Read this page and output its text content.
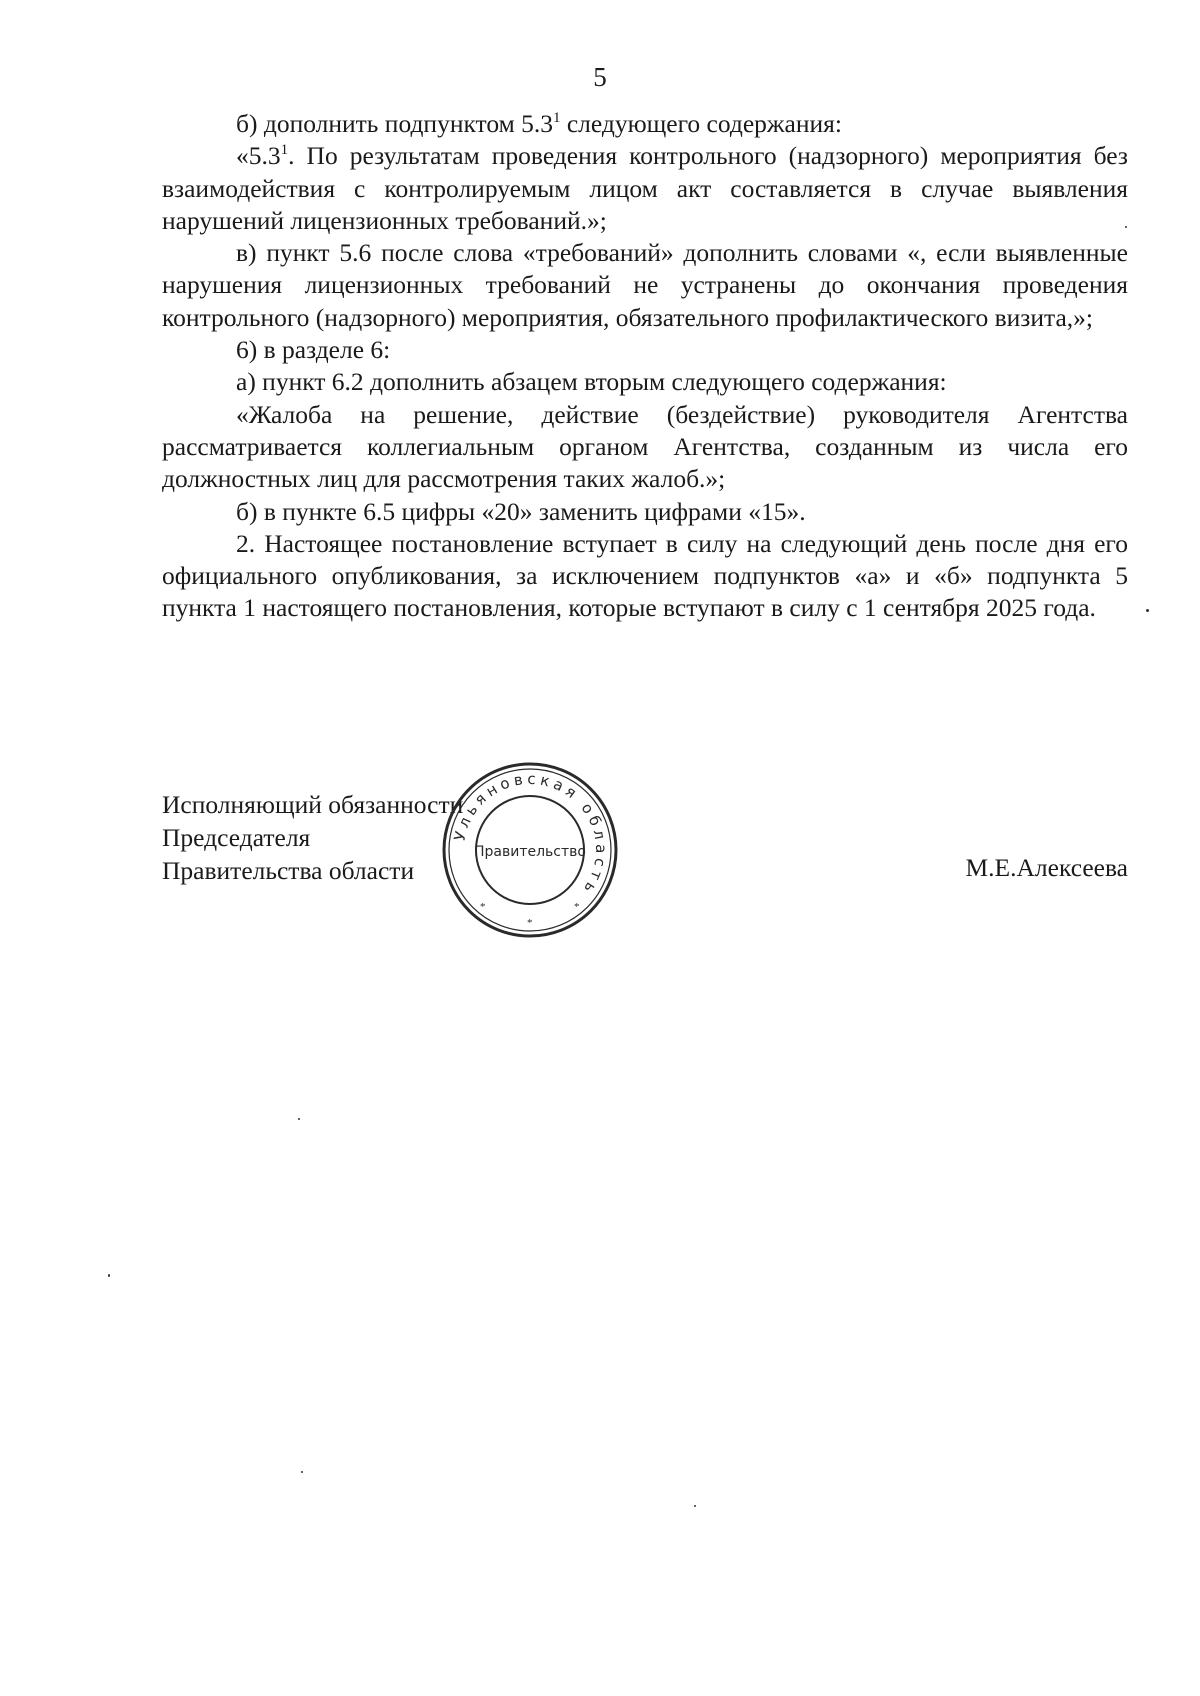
5

б) дополнить подпунктом $5.3^1$ следующего содержания:

«$5.3^1$. По результатам проведения контрольного (надзорного) мероприятия без взаимодействия с контролируемым лицом акт составляется в случае выявления нарушений лицензионных требований.»;

в) пункт 5.6 после слова «требований» дополнить словами «, если выявленные нарушения лицензионных требований не устранены до окончания проведения контрольного (надзорного) мероприятия, обязательного профилактического визита,»;

6) в разделе 6:

а) пункт 6.2 дополнить абзацем вторым следующего содержания:

«Жалоба на решение, действие (бездействие) руководителя Агентства рассматривается коллегиальным органом Агентства, созданным из числа его должностных лиц для рассмотрения таких жалоб.»;

б) в пункте 6.5 цифры «20» заменить цифрами «15».

2. Настоящее постановление вступает в силу на следующий день после дня его официального опубликования, за исключением подпунктов «а» и «б» подпункта 5 пункта 1 настоящего постановления, которые вступают в силу с 1 сентября 2025 года.

Исполняющий обязанности
Председателя
Правительства области
Ульяновская область
Правительство
*
*
*
М.Е.Алексеева
